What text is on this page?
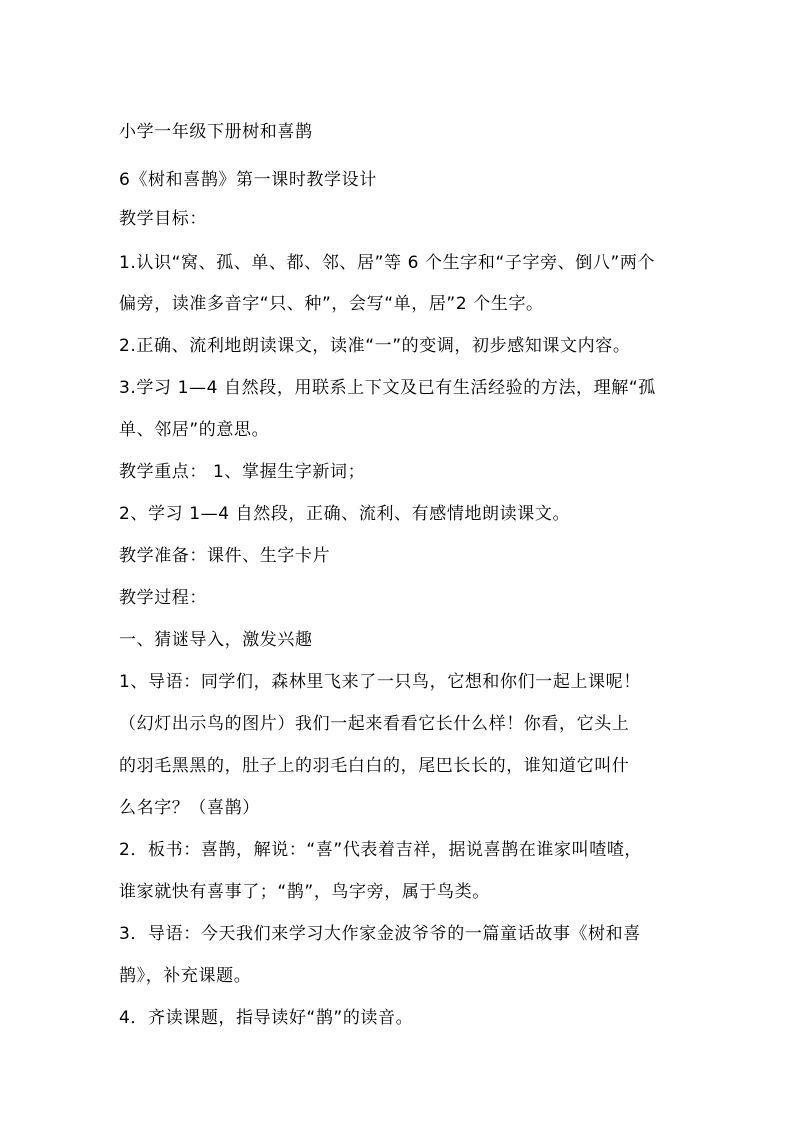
小学一年级下册树和喜鹊

6《树和喜鹊》第一课时教学设计

教学目标：

1.认识“窝、孤、单、都、邻、居”等 6 个生字和“子字旁、倒八”两个

偏旁，读准多音字“只、种”，会写“单，居”2 个生字。

2.正确、流利地朗读课文，读准“一”的变调，初步感知课文内容。

3.学习 1—4 自然段，用联系上下文及已有生活经验的方法，理解“孤

单、邻居”的意思。

教学重点： 1、掌握生字新词；

2、学习 1—4 自然段，正确、流利、有感情地朗读课文。

教学准备：课件、生字卡片

教学过程：

一、猜谜导入，激发兴趣

1、导语：同学们，森林里飞来了一只鸟，它想和你们一起上课呢！

（幻灯出示鸟的图片）我们一起来看看它长什么样！你看，它头上

的羽毛黑黑的，肚子上的羽毛白白的，尾巴长长的，谁知道它叫什

么名字？（喜鹊）

2．板书：喜鹊，解说：“喜”代表着吉祥，据说喜鹊在谁家叫喳喳，

谁家就快有喜事了；“鹊”，鸟字旁，属于鸟类。

3．导语：今天我们来学习大作家金波爷爷的一篇童话故事《树和喜

鹊》，补充课题。

4．齐读课题，指导读好“鹊”的读音。
